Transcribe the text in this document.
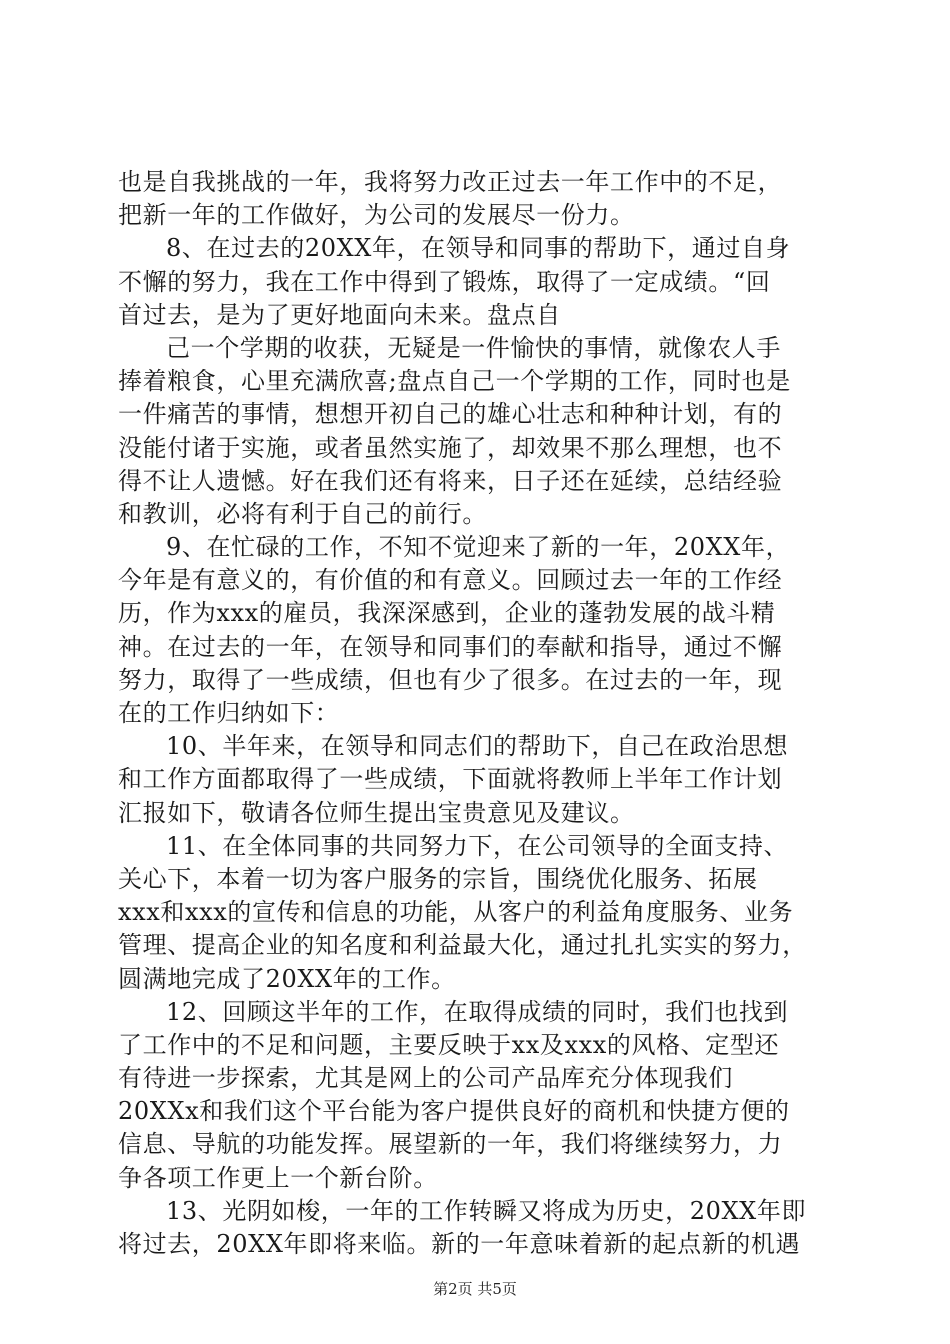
也是自我挑战的一年，我将努力改正过去一年工作中的不足，
把新一年的工作做好，为公司的发展尽一份力。
8、在过去的20XX年，在领导和同事的帮助下，通过自身
不懈的努力，我在工作中得到了锻炼，取得了一定成绩。“回
首过去，是为了更好地面向未来。盘点自
己一个学期的收获，无疑是一件愉快的事情，就像农人手
捧着粮食，心里充满欣喜;盘点自己一个学期的工作，同时也是
一件痛苦的事情，想想开初自己的雄心壮志和种种计划，有的
没能付诸于实施，或者虽然实施了，却效果不那么理想，也不
得不让人遗憾。好在我们还有将来，日子还在延续，总结经验
和教训，必将有利于自己的前行。
9、在忙碌的工作，不知不觉迎来了新的一年，20XX年，
今年是有意义的，有价值的和有意义。回顾过去一年的工作经
历，作为xxx的雇员，我深深感到，企业的蓬勃发展的战斗精
神。在过去的一年，在领导和同事们的奉献和指导，通过不懈
努力，取得了一些成绩，但也有少了很多。在过去的一年，现
在的工作归纳如下：
10、半年来，在领导和同志们的帮助下，自己在政治思想
和工作方面都取得了一些成绩，下面就将教师上半年工作计划
汇报如下，敬请各位师生提出宝贵意见及建议。
11、在全体同事的共同努力下，在公司领导的全面支持、
关心下，本着一切为客户服务的宗旨，围绕优化服务、拓展
xxx和xxx的宣传和信息的功能，从客户的利益角度服务、业务
管理、提高企业的知名度和利益最大化，通过扎扎实实的努力，
圆满地完成了20XX年的工作。
12、回顾这半年的工作，在取得成绩的同时，我们也找到
了工作中的不足和问题，主要反映于xx及xxx的风格、定型还
有待进一步探索，尤其是网上的公司产品库充分体现我们
20XXx和我们这个平台能为客户提供良好的商机和快捷方便的
信息、导航的功能发挥。展望新的一年，我们将继续努力，力
争各项工作更上一个新台阶。
13、光阴如梭，一年的工作转瞬又将成为历史，20XX年即
将过去，20XX年即将来临。新的一年意味着新的起点新的机遇
第2页 共5页
